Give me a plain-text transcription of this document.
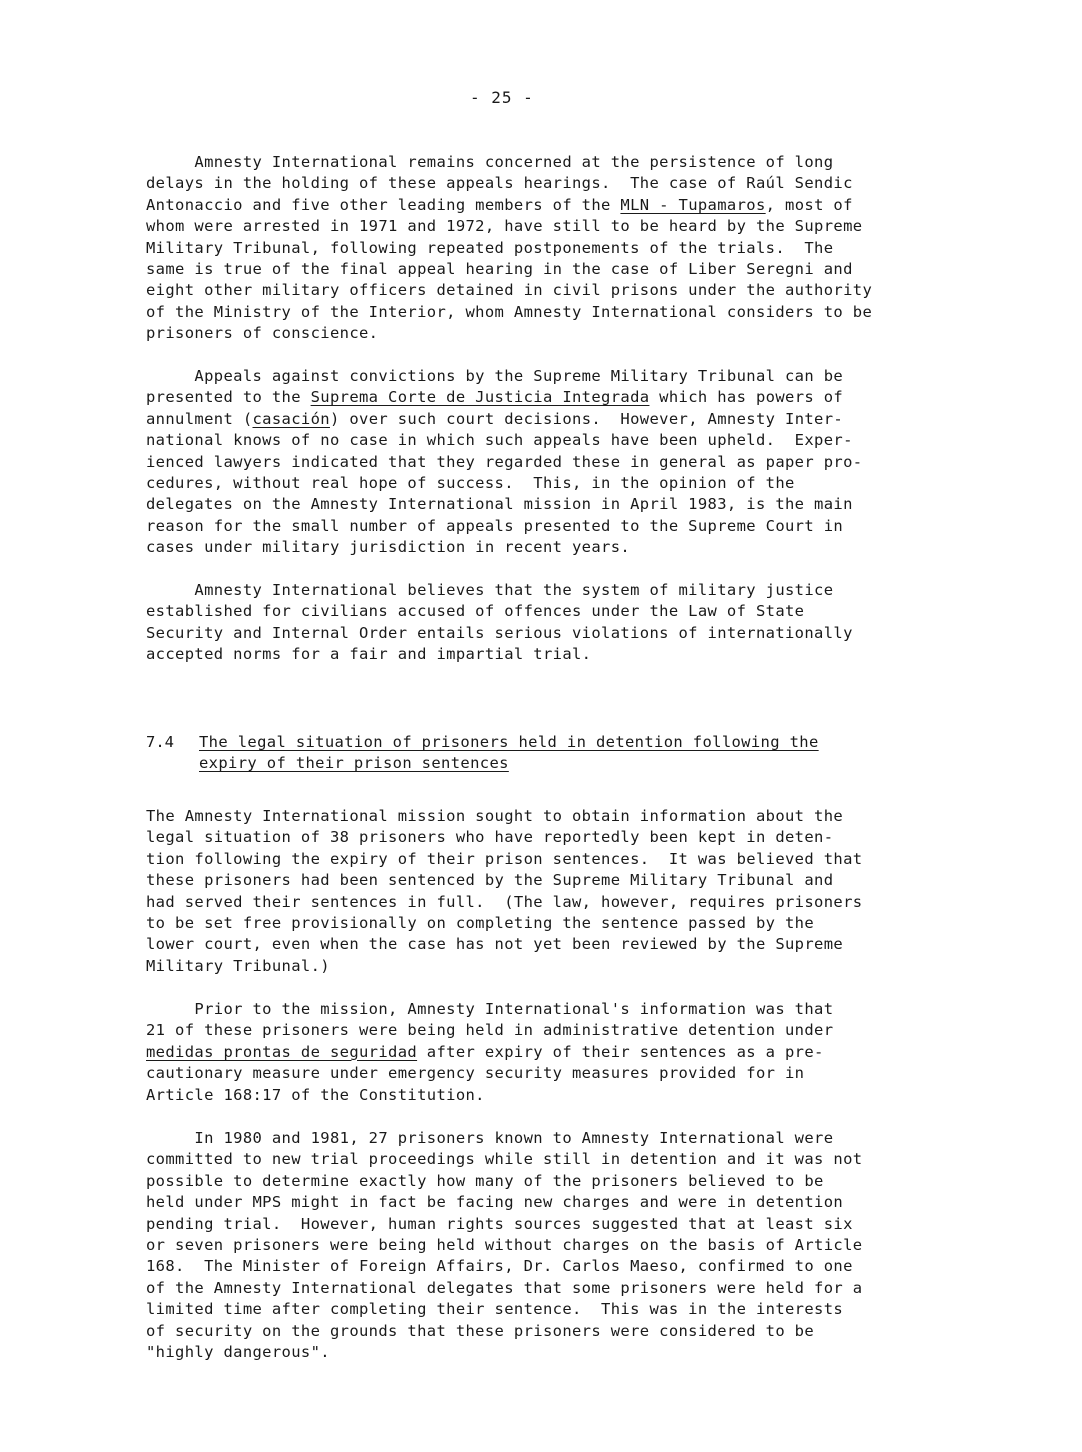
- 25 -
Amnesty International remains concerned at the persistence of long
delays in the holding of these appeals hearings.  The case of Raúl Sendic
Antonaccio and five other leading members of the MLN - Tupamaros, most of
whom were arrested in 1971 and 1972, have still to be heard by the Supreme
Military Tribunal, following repeated postponements of the trials.  The
same is true of the final appeal hearing in the case of Liber Seregni and
eight other military officers detained in civil prisons under the authority
of the Ministry of the Interior, whom Amnesty International considers to be
prisoners of conscience.
Appeals against convictions by the Supreme Military Tribunal can be
presented to the Suprema Corte de Justicia Integrada which has powers of
annulment (casación) over such court decisions.  However, Amnesty Inter-
national knows of no case in which such appeals have been upheld.  Exper-
ienced lawyers indicated that they regarded these in general as paper pro-
cedures, without real hope of success.  This, in the opinion of the
delegates on the Amnesty International mission in April 1983, is the main
reason for the small number of appeals presented to the Supreme Court in
cases under military jurisdiction in recent years.
Amnesty International believes that the system of military justice
established for civilians accused of offences under the Law of State
Security and Internal Order entails serious violations of internationally
accepted norms for a fair and impartial trial.
7.4 The legal situation of prisoners held in detention following the
expiry of their prison sentences
The Amnesty International mission sought to obtain information about the
legal situation of 38 prisoners who have reportedly been kept in deten-
tion following the expiry of their prison sentences.  It was believed that
these prisoners had been sentenced by the Supreme Military Tribunal and
had served their sentences in full.  (The law, however, requires prisoners
to be set free provisionally on completing the sentence passed by the
lower court, even when the case has not yet been reviewed by the Supreme
Military Tribunal.)
Prior to the mission, Amnesty International's information was that
21 of these prisoners were being held in administrative detention under
medidas prontas de seguridad after expiry of their sentences as a pre-
cautionary measure under emergency security measures provided for in
Article 168:17 of the Constitution.
In 1980 and 1981, 27 prisoners known to Amnesty International were
committed to new trial proceedings while still in detention and it was not
possible to determine exactly how many of the prisoners believed to be
held under MPS might in fact be facing new charges and were in detention
pending trial.  However, human rights sources suggested that at least six
or seven prisoners were being held without charges on the basis of Article
168.  The Minister of Foreign Affairs, Dr. Carlos Maeso, confirmed to one
of the Amnesty International delegates that some prisoners were held for a
limited time after completing their sentence.  This was in the interests
of security on the grounds that these prisoners were considered to be
"highly dangerous".
